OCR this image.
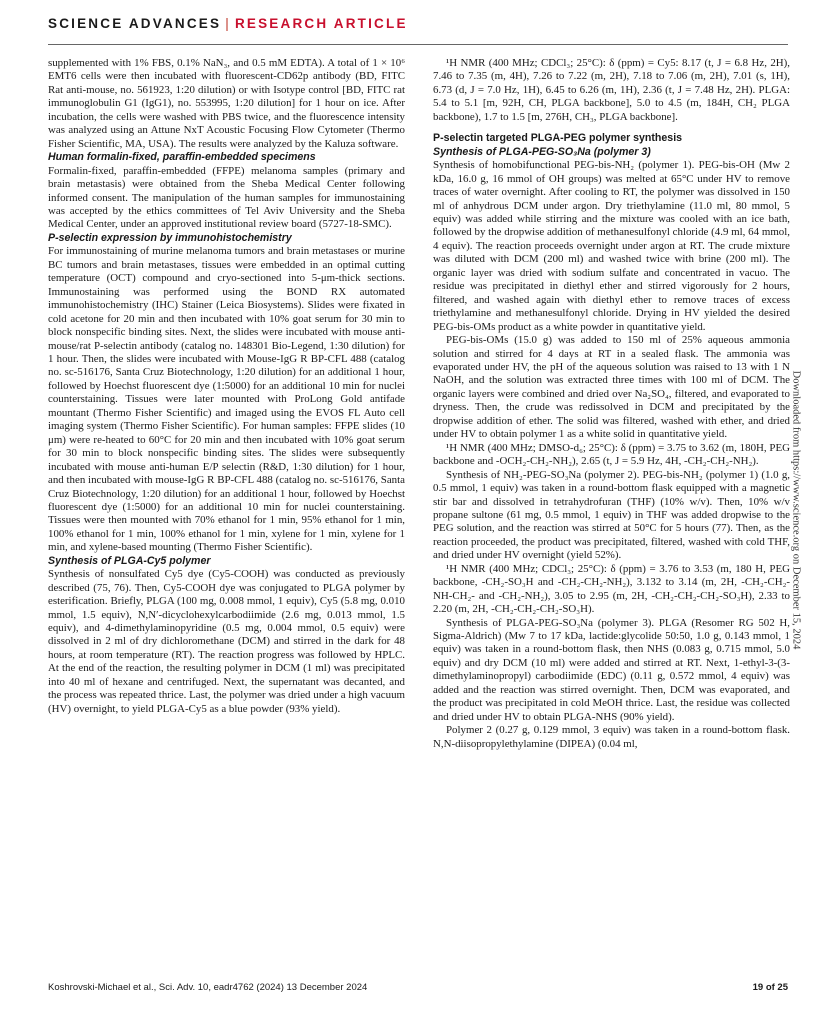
SCIENCE ADVANCES | RESEARCH ARTICLE

supplemented with 1% FBS, 0.1% NaN₃, and 0.5 mM EDTA). A total of 1 × 10⁶ EMT6 cells were then incubated with fluorescent-CD62p antibody (BD, FITC Rat anti-mouse, no. 561923, 1:20 dilution) or with Isotype control [BD, FITC rat immunoglobulin G1 (IgG1), no. 553995, 1:20 dilution] for 1 hour on ice. After incubation, the cells were washed with PBS twice, and the fluorescence intensity was analyzed using an Attune NxT Acoustic Focusing Flow Cytometer (Thermo Fisher Scientific, MA, USA). The results were analyzed by the Kaluza software.

Human formalin-fixed, paraffin-embedded specimens

Formalin-fixed, paraffin-embedded (FFPE) melanoma samples (primary and brain metastasis) were obtained from the Sheba Medical Center following informed consent. The manipulation of the human samples for immunostaining was accepted by the ethics committees of Tel Aviv University and the Sheba Medical Center, under an approved institutional review board (5727-18-SMC).

P-selectin expression by immunohistochemistry

For immunostaining of murine melanoma tumors and brain metastases or murine BC tumors and brain metastases, tissues were embedded in an optimal cutting temperature (OCT) compound and cryo-sectioned into 5-μm-thick sections. Immunostaining was performed using the BOND RX automated immunohistochemistry (IHC) Stainer (Leica Biosystems). Slides were fixated in cold acetone for 20 min and then incubated with 10% goat serum for 30 min to block nonspecific binding sites. Next, the slides were incubated with mouse anti-mouse/rat P-selectin antibody (catalog no. 148301 Bio-Legend, 1:30 dilution) for 1 hour. Then, the slides were incubated with Mouse-IgG R BP-CFL 488 (catalog no. sc-516176, Santa Cruz Biotechnology, 1:20 dilution) for an additional 1 hour, followed by Hoechst fluorescent dye (1:5000) for an additional 10 min for nuclei counterstaining. Tissues were later mounted with ProLong Gold antifade mountant (Thermo Fisher Scientific) and imaged using the EVOS FL Auto cell imaging system (Thermo Fisher Scientific). For human samples: FFPE slides (10 μm) were re-heated to 60°C for 20 min and then incubated with 10% goat serum for 30 min to block nonspecific binding sites. The slides were subsequently incubated with mouse anti-human E/P selectin (R&D, 1:30 dilution) for 1 hour, and then incubated with mouse-IgG R BP-CFL 488 (catalog no. sc-516176, Santa Cruz Biotechnology, 1:20 dilution) for an additional 1 hour, followed by Hoechst fluorescent dye (1:5000) for an additional 10 min for nuclei counterstaining. Tissues were then mounted with 70% ethanol for 1 min, 95% ethanol for 1 min, 100% ethanol for 1 min, 100% ethanol for 1 min, xylene for 1 min, xylene for 1 min, and xylene-based mounting (Thermo Fisher Scientific).

Synthesis of PLGA-Cy5 polymer

Synthesis of nonsulfated Cy5 dye (Cy5-COOH) was conducted as previously described (75, 76). Then, Cy5-COOH dye was conjugated to PLGA polymer by esterification. Briefly, PLGA (100 mg, 0.008 mmol, 1 equiv), Cy5 (5.8 mg, 0.010 mmol, 1.5 equiv), N,N′-dicyclohexylcarbodiimide (2.6 mg, 0.013 mmol, 1.5 equiv), and 4-dimethylaminopyridine (0.5 mg, 0.004 mmol, 0.5 equiv) were dissolved in 2 ml of dry dichloromethane (DCM) and stirred in the dark for 48 hours, at room temperature (RT). The reaction progress was followed by HPLC. At the end of the reaction, the resulting polymer in DCM (1 ml) was precipitated into 40 ml of hexane and centrifuged. Next, the supernatant was decanted, and the process was repeated thrice. Last, the polymer was dried under a high vacuum (HV) overnight, to yield PLGA-Cy5 as a blue powder (93% yield).

¹H NMR (400 MHz; CDCl₃; 25°C): δ (ppm) = Cy5: 8.17 (t, J = 6.8 Hz, 2H), 7.46 to 7.35 (m, 4H), 7.26 to 7.22 (m, 2H), 7.18 to 7.06 (m, 2H), 7.01 (s, 1H), 6.73 (d, J = 7.0 Hz, 1H), 6.45 to 6.26 (m, 1H), 2.36 (t, J = 7.48 Hz, 2H). PLGA: 5.4 to 5.1 [m, 92H, CH, PLGA backbone], 5.0 to 4.5 (m, 184H, CH₂ PLGA backbone), 1.7 to 1.5 [m, 276H, CH₃, PLGA backbone].

P-selectin targeted PLGA-PEG polymer synthesis

Synthesis of PLGA-PEG-SO₃Na (polymer 3)

Synthesis of homobifunctional PEG-bis-NH₂ (polymer 1). PEG-bis-OH (Mw 2 kDa, 16.0 g, 16 mmol of OH groups) was melted at 65°C under HV to remove traces of water overnight. After cooling to RT, the polymer was dissolved in 150 ml of anhydrous DCM under argon. Dry triethylamine (11.0 ml, 80 mmol, 5 equiv) was added while stirring and the mixture was cooled with an ice bath, followed by the dropwise addition of methanesulfonyl chloride (4.9 ml, 64 mmol, 4 equiv). The reaction proceeds overnight under argon at RT. The crude mixture was diluted with DCM (200 ml) and washed twice with brine (200 ml). The organic layer was dried with sodium sulfate and concentrated in vacuo. The residue was precipitated in diethyl ether and stirred vigorously for 2 hours, filtered, and washed again with diethyl ether to remove traces of excess triethylamine and methanesulfonyl chloride. Drying in HV yielded the desired PEG-bis-OMs product as a white powder in quantitative yield.

PEG-bis-OMs (15.0 g) was added to 150 ml of 25% aqueous ammonia solution and stirred for 4 days at RT in a sealed flask. The ammonia was evaporated under HV, the pH of the aqueous solution was raised to 13 with 1 N NaOH, and the solution was extracted three times with 100 ml of DCM. The organic layers were combined and dried over Na₂SO₄, filtered, and evaporated to dryness. Then, the crude was redissolved in DCM and precipitated by the dropwise addition of ether. The solid was filtered, washed with ether, and dried under HV to obtain polymer 1 as a white solid in quantitative yield.

¹H NMR (400 MHz; DMSO-d₆; 25°C): δ (ppm) = 3.75 to 3.62 (m, 180H, PEG backbone and -OCH₂-CH₂-NH₂), 2.65 (t, J = 5.9 Hz, 4H, -CH₂-CH₂-NH₂).

Synthesis of NH₂-PEG-SO₃Na (polymer 2). PEG-bis-NH₂ (polymer 1) (1.0 g, 0.5 mmol, 1 equiv) was taken in a round-bottom flask equipped with a magnetic stir bar and dissolved in tetrahydrofuran (THF) (10% w/v). Then, 10% w/v propane sultone (61 mg, 0.5 mmol, 1 equiv) in THF was added dropwise to the PEG solution, and the reaction was stirred at 50°C for 5 hours (77). Then, as the reaction proceeded, the product was precipitated, filtered, washed with cold THF, and dried under HV overnight (yield 52%).

¹H NMR (400 MHz; CDCl₃; 25°C): δ (ppm) = 3.76 to 3.53 (m, 180 H, PEG backbone, -CH₂-SO₃H and -CH₂-CH₂-NH₂), 3.132 to 3.14 (m, 2H, -CH₂-CH₂-NH-CH₂- and -CH₂-NH₂), 3.05 to 2.95 (m, 2H, -CH₂-CH₂-CH₂-SO₃H), 2.33 to 2.20 (m, 2H, -CH₂-CH₂-CH₂-SO₃H).

Synthesis of PLGA-PEG-SO₃Na (polymer 3). PLGA (Resomer RG 502 H, Sigma-Aldrich) (Mw 7 to 17 kDa, lactide:glycolide 50:50, 1.0 g, 0.143 mmol, 1 equiv) was taken in a round-bottom flask, then NHS (0.083 g, 0.715 mmol, 5.0 equiv) and dry DCM (10 ml) were added and stirred at RT. Next, 1-ethyl-3-(3-dimethylaminopropyl) carbodiimide (EDC) (0.11 g, 0.572 mmol, 4 equiv) was added and the reaction was stirred overnight. Then, DCM was evaporated, and the product was precipitated in cold MeOH thrice. Last, the residue was collected and dried under HV to obtain PLGA-NHS (90% yield).

Polymer 2 (0.27 g, 0.129 mmol, 3 equiv) was taken in a round-bottom flask. N,N-diisopropylethylamine (DIPEA) (0.04 ml,

Downloaded from https://www.science.org on December 15, 2024
Koshrovski-Michael et al., Sci. Adv. 10, eadr4762 (2024) 13 December 2024	19 of 25
